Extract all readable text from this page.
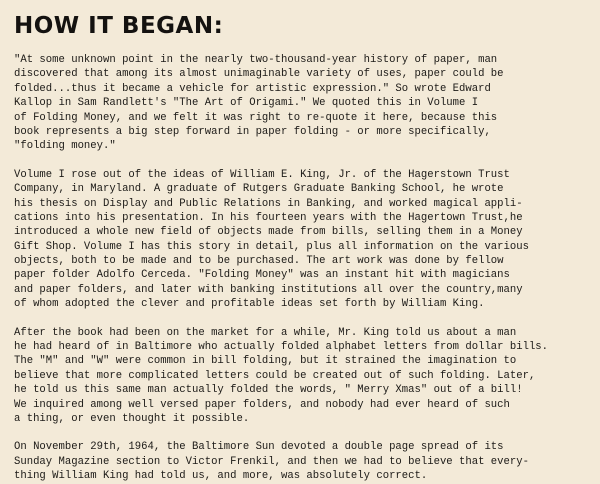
HOW IT BEGAN:
"At some unknown point in the nearly two-thousand-year history of paper, man
discovered that among its almost unimaginable variety of uses, paper could be
folded...thus it became a vehicle for artistic expression." So wrote Edward
Kallop in Sam Randlett's "The Art of Origami." We quoted this in Volume I
of Folding Money, and we felt it was right to re-quote it here, because this
book represents a big step forward in paper folding - or more specifically,
"folding money."
Volume I rose out of the ideas of William E. King, Jr. of the Hagerstown Trust
Company, in Maryland. A graduate of Rutgers Graduate Banking School, he wrote
his thesis on Display and Public Relations in Banking, and worked magical appli-
cations into his presentation. In his fourteen years with the Hagertown Trust,he
introduced a whole new field of objects made from bills, selling them in a Money
Gift Shop. Volume I has this story in detail, plus all information on the various
objects, both to be made and to be purchased. The art work was done by fellow
paper folder Adolfo Cerceda. "Folding Money" was an instant hit with magicians
and paper folders, and later with banking institutions all over the country,many
of whom adopted the clever and profitable ideas set forth by William King.
After the book had been on the market for a while, Mr. King told us about a man
he had heard of in Baltimore who actually folded alphabet letters from dollar bills.
The "M" and "W" were common in bill folding, but it strained the imagination to
believe that more complicated letters could be created out of such folding. Later,
he told us this same man actually folded the words, " Merry Xmas" out of a bill!
We inquired among well versed paper folders, and nobody had ever heard of such
a thing, or even thought it possible.
On November 29th, 1964, the Baltimore Sun devoted a double page spread of its
Sunday Magazine section to Victor Frenkil, and then we had to believe that every-
thing William King had told us, and more, was absolutely correct.
